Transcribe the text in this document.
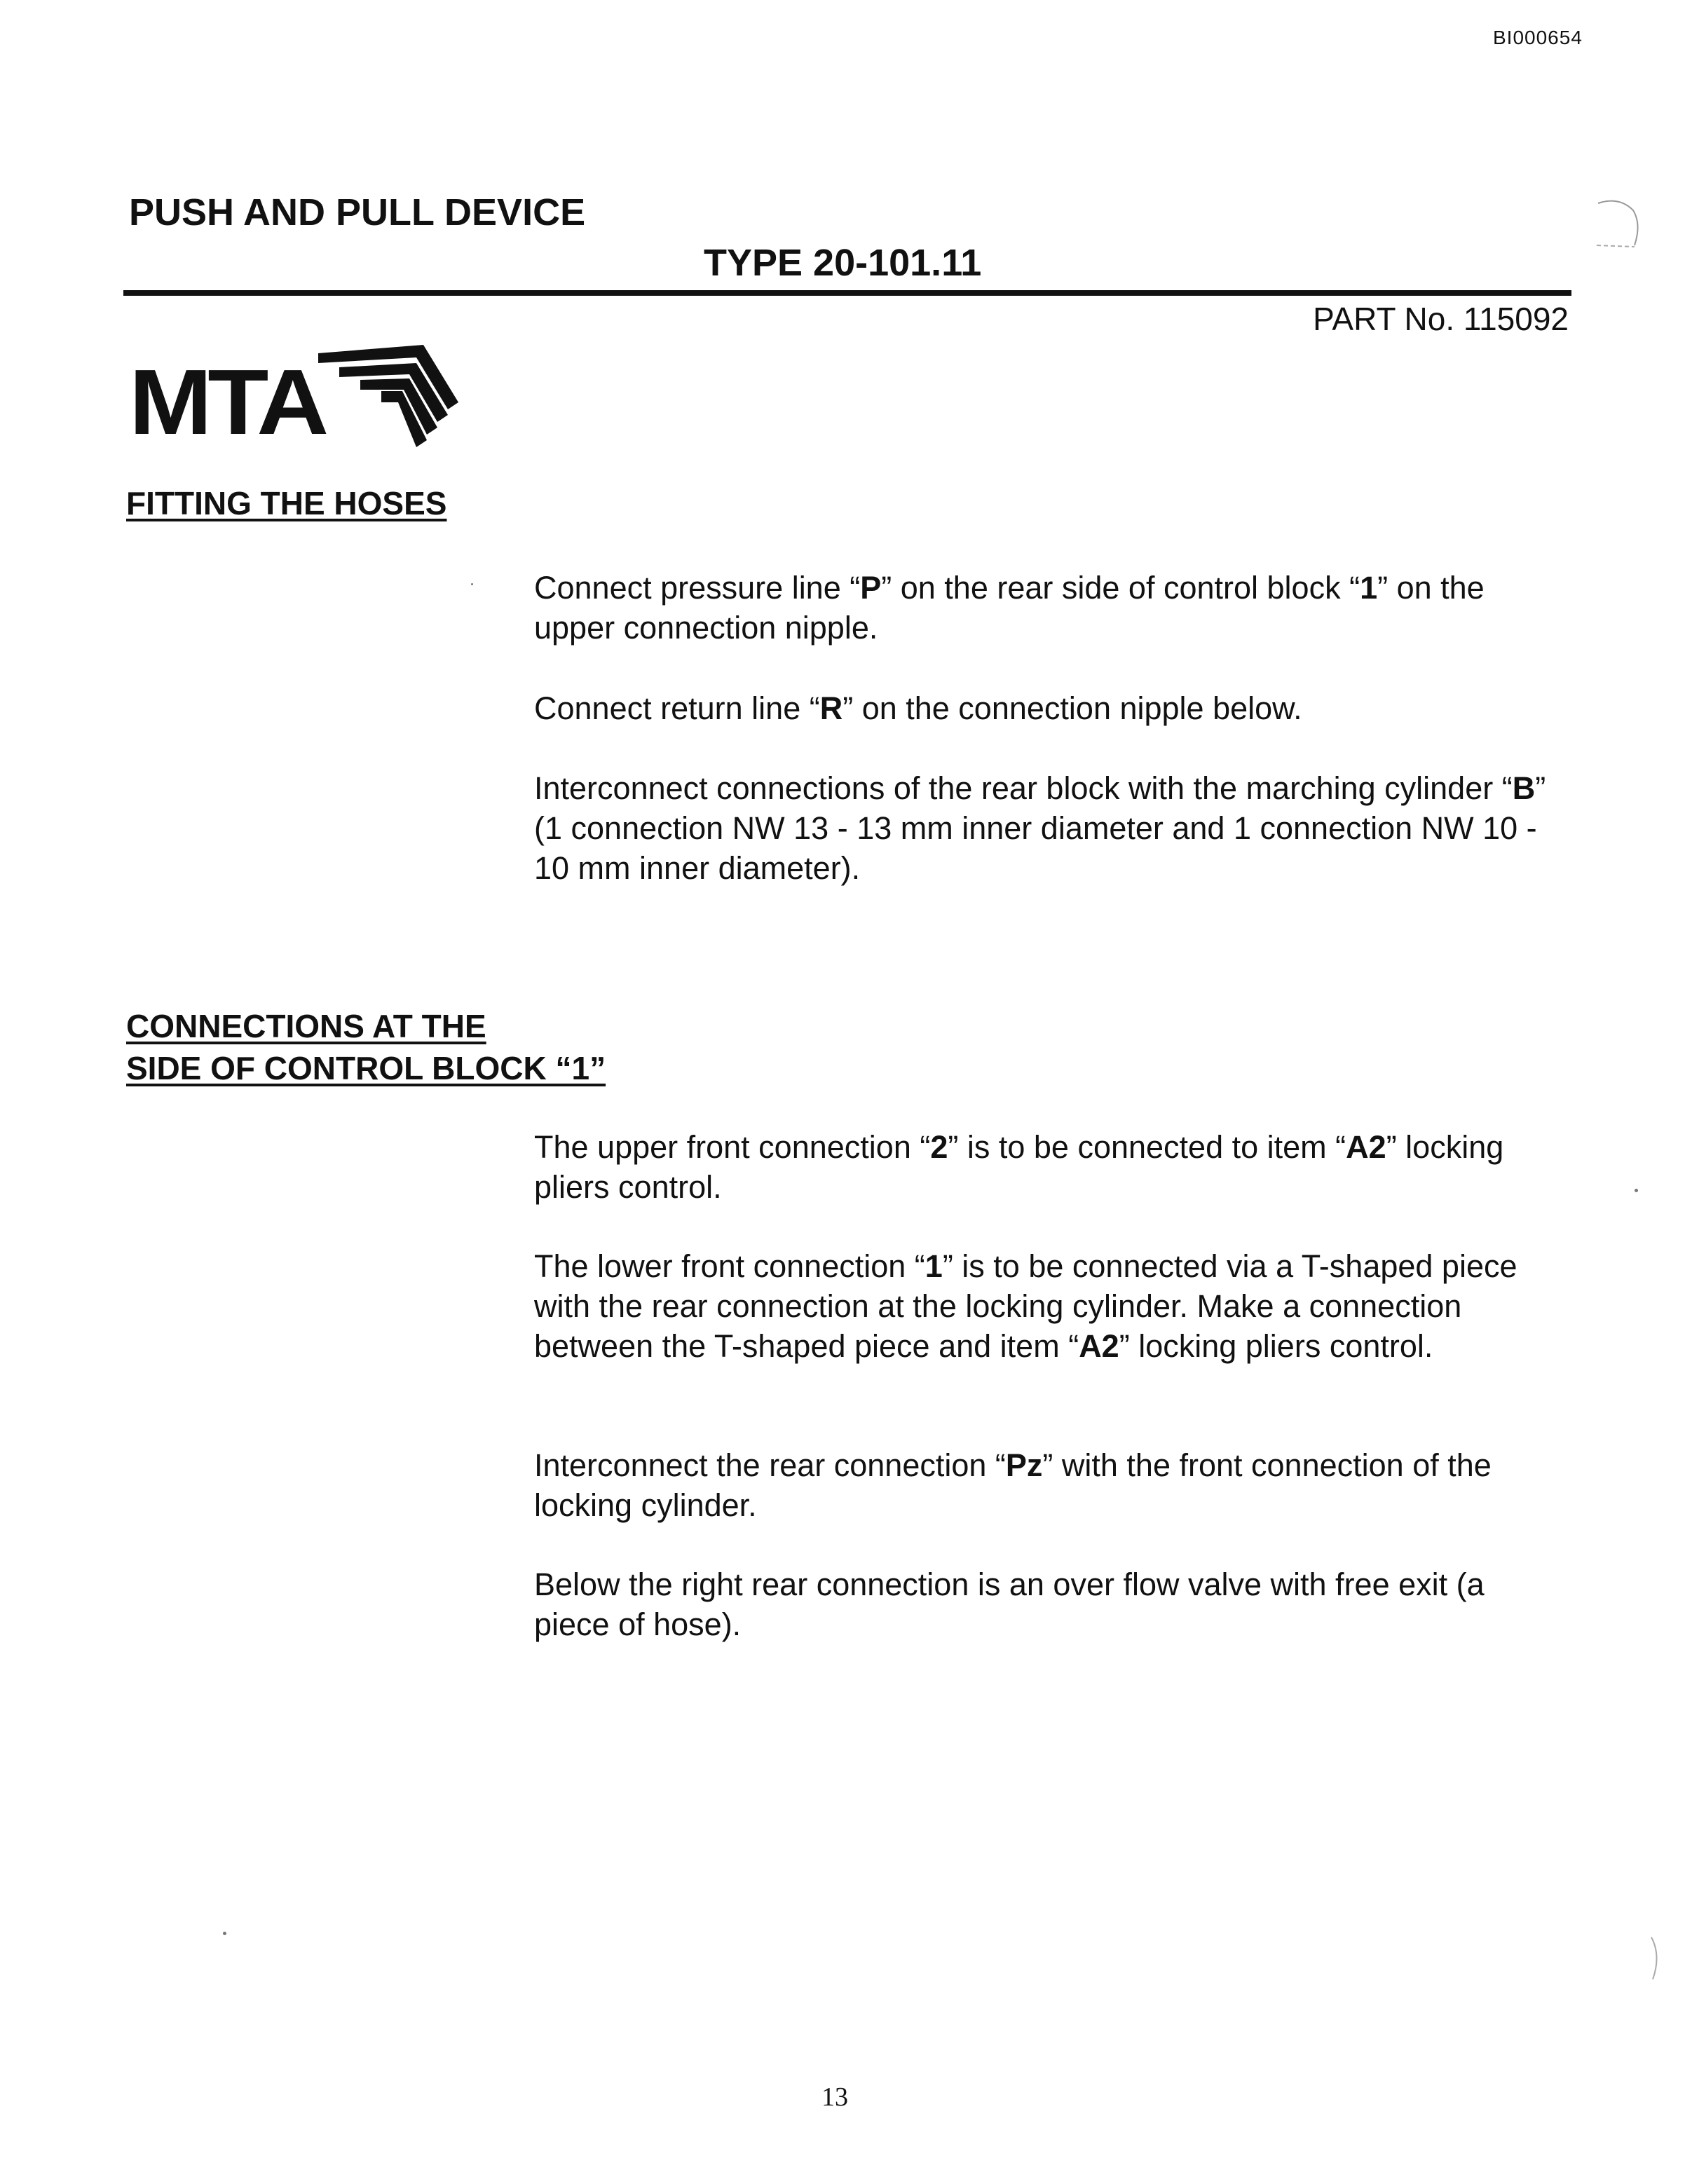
BI000654
PUSH AND PULL DEVICE
TYPE 20-101.11
PART No. 115092
MTA
FITTING THE HOSES
Connect pressure line “P” on the rear side of control block “1” on the upper connection nipple.
Connect return line “R” on the connection nipple below.
Interconnect connections of the rear block with the marching cylinder “B” (1 connection NW 13 - 13 mm inner diameter and 1 connection NW 10 - 10 mm inner diameter).
CONNECTIONS AT THE
SIDE OF CONTROL BLOCK “1”
The upper front connection “2” is to be connected to item “A2” locking pliers control.
The lower front connection “1” is to be connected via a T-shaped piece with the rear connection at the locking cylinder. Make a connection between the T-shaped piece and item “A2” locking pliers control.
Interconnect the rear connection “Pz” with the front connection of the locking cylinder.
Below the right rear connection is an over flow valve with free exit (a piece of hose).
13
